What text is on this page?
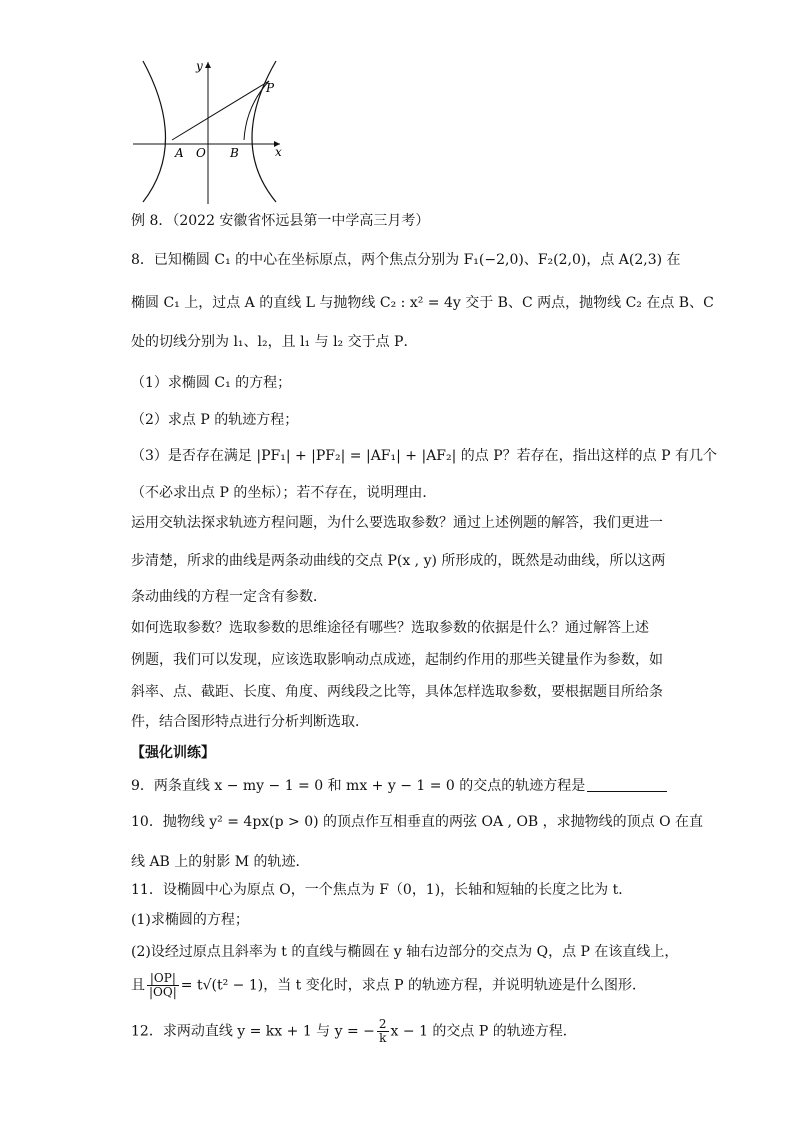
y
x
A O B
P
例 8．（2022 安徽省怀远县第一中学高三月考）
8．已知椭圆 C₁ 的中心在坐标原点，两个焦点分别为 F₁(−2,0)、F₂(2,0)，点 A(2,3) 在
椭圆 C₁ 上，过点 A 的直线 L 与抛物线 C₂ : x² = 4y 交于 B、C 两点，抛物线 C₂ 在点 B、C
处的切线分别为 l₁、l₂，且 l₁ 与 l₂ 交于点 P．
（1）求椭圆 C₁ 的方程；
（2）求点 P 的轨迹方程；
（3）是否存在满足 |PF₁| + |PF₂| = |AF₁| + |AF₂| 的点 P？若存在，指出这样的点 P 有几个
（不必求出点 P 的坐标）；若不存在，说明理由．
运用交轨法探求轨迹方程问题，为什么要选取参数？通过上述例题的解答，我们更进一
步清楚，所求的曲线是两条动曲线的交点 P(x , y) 所形成的，既然是动曲线，所以这两
条动曲线的方程一定含有参数．
如何选取参数？选取参数的思维途径有哪些？选取参数的依据是什么？通过解答上述
例题，我们可以发现，应该选取影响动点成迹，起制约作用的那些关键量作为参数，如
斜率、点、截距、长度、角度、两线段之比等，具体怎样选取参数，要根据题目所给条
件，结合图形特点进行分析判断选取．
【强化训练】
9．两条直线 x − my − 1 = 0 和 mx + y − 1 = 0 的交点的轨迹方程是
10．抛物线 y² = 4px(p > 0) 的顶点作互相垂直的两弦 OA , OB ，求抛物线的顶点 O 在直
线 AB 上的射影 M 的轨迹．
11．设椭圆中心为原点 O，一个焦点为 F（0，1)，长轴和短轴的长度之比为 t．
(1)求椭圆的方程；
(2)设经过原点且斜率为 t 的直线与椭圆在 y 轴右边部分的交点为 Q，点 P 在该直线上，
且 $\frac{|OP|}{|OQ|} = t√(t^2 - 1)$，当 t 变化时，求点 P 的轨迹方程，并说明轨迹是什么图形．
12．求两动直线 y = kx + 1 与 y = − $\frac{2}{k}$ x − 1 的交点 P 的轨迹方程．
